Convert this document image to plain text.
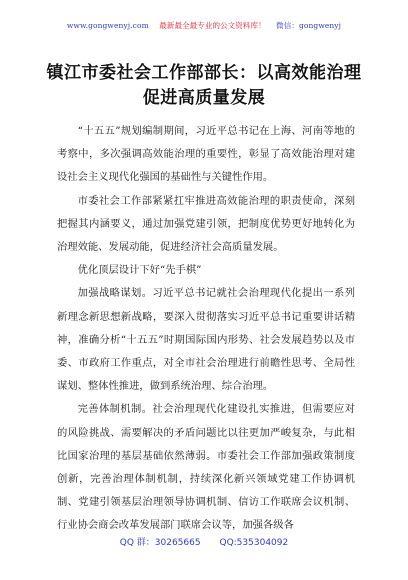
www.gongwenyj.com 最新最全最专业的公文资料库！ 微信：gongwenyj
镇江市委社会工作部部长：以高效能治理
促进高质量发展

“十五五”规划编制期间，习近平总书记在上海、河南等地的考察中，多次强调高效能治理的重要性，彰显了高效能治理对建设社会主义现代化强国的基础性与关键性作用。

市委社会工作部紧紧扛牢推进高效能治理的职责使命，深刻把握其内涵要义，通过加强党建引领，把制度优势更好地转化为治理效能、发展动能，促进经济社会高质量发展。

优化顶层设计下好“先手棋”

加强战略谋划。习近平总书记就社会治理现代化提出一系列新理念新思想新战略，要深入贯彻落实习近平总书记重要讲话精神，准确分析“十五五”时期国际国内形势、社会发展趋势以及市委、市政府工作重点，对全市社会治理进行前瞻性思考、全局性谋划、整体性推进，做到系统治理、综合治理。

完善体制机制。社会治理现代化建设扎实推进，但需要应对的风险挑战、需要解决的矛盾问题比以往更加严峻复杂，与此相比国家治理的基层基础依然薄弱。市委社会工作部加强政策制度创新，完善治理体制机制，持续深化新兴领域党建工作协调机制、党建引领基层治理领导协调机制、信访工作联席会议机制、行业协会商会改革发展部门联席会议等，加强各级各

QQ 群：30265665 QQ:535304092
